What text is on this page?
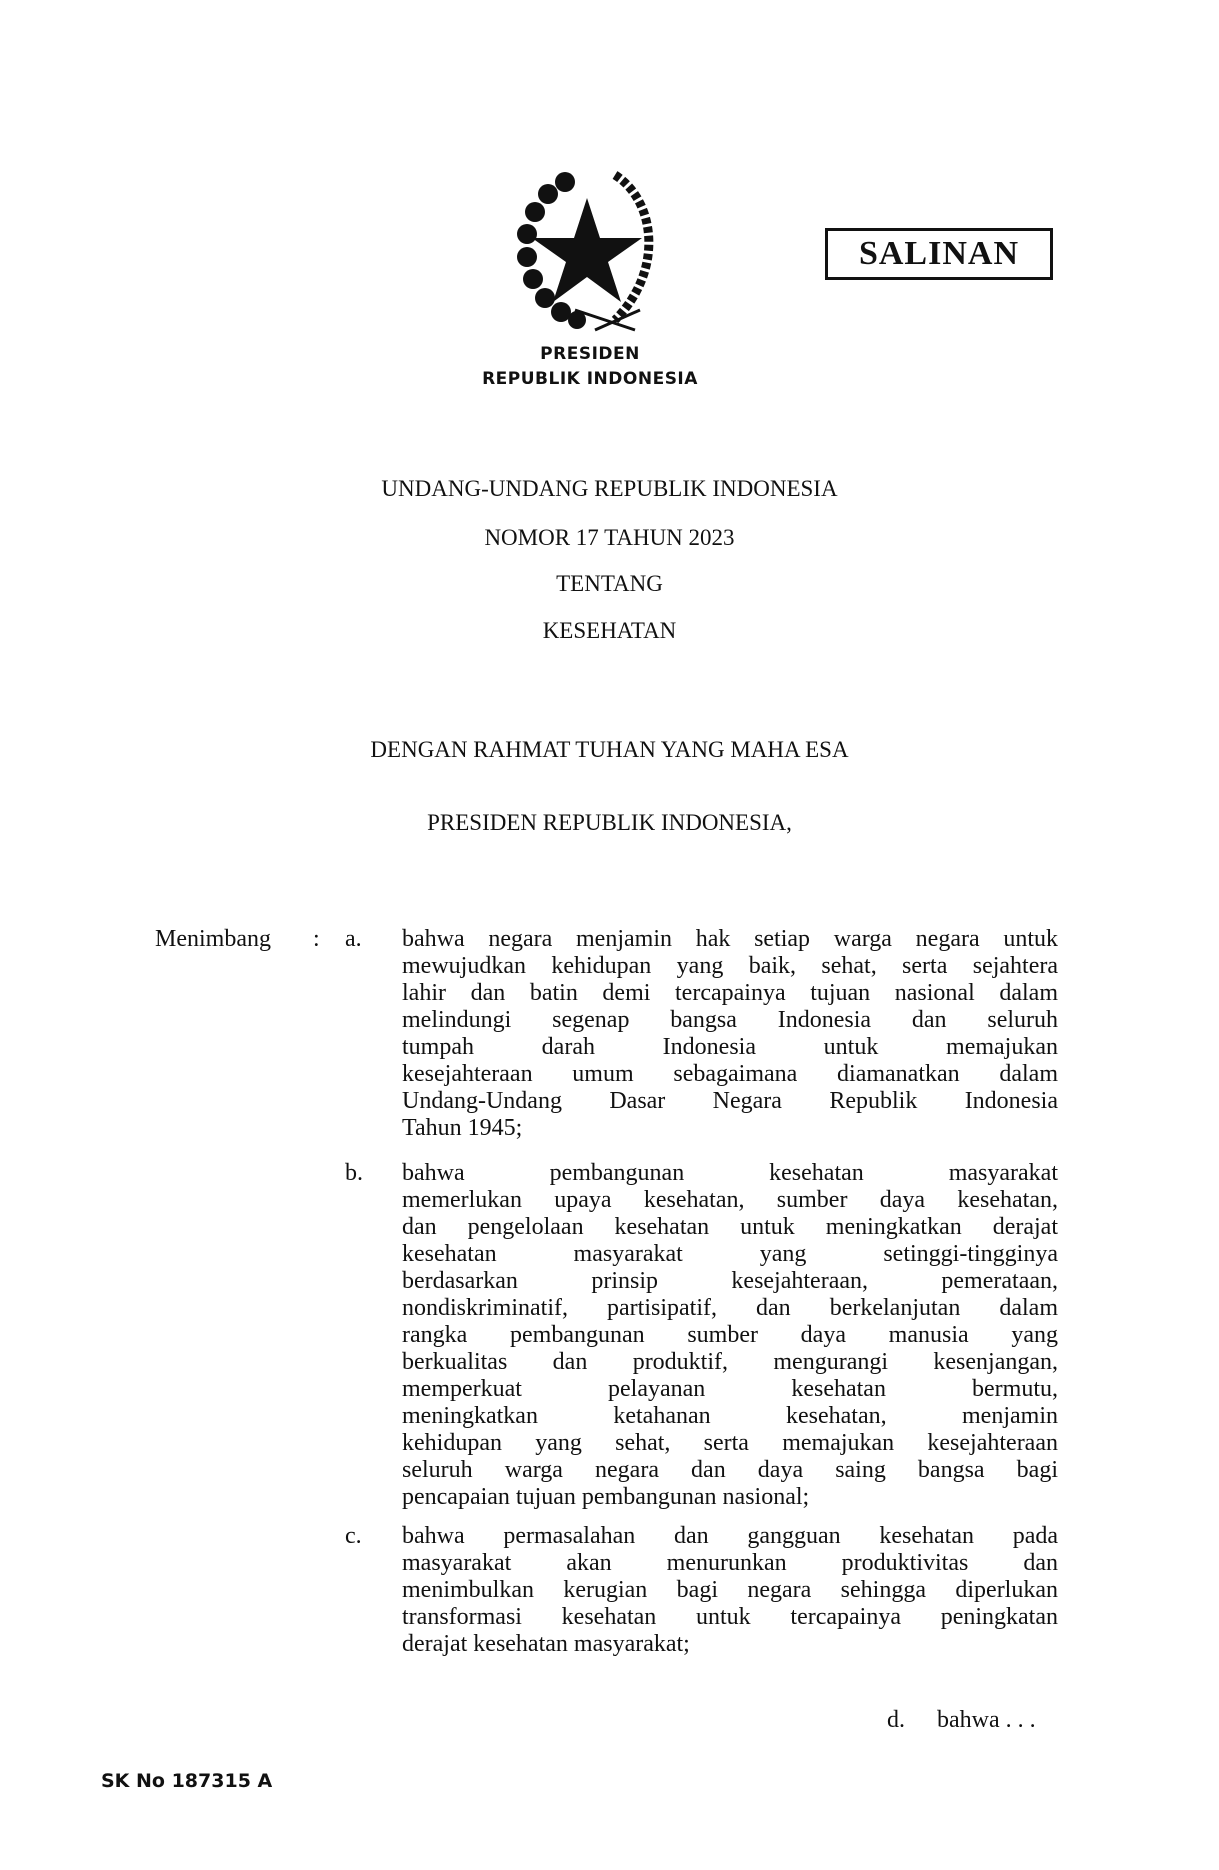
SALINAN
PRESIDEN
REPUBLIK INDONESIA
UNDANG-UNDANG REPUBLIK INDONESIA
NOMOR 17 TAHUN 2023
TENTANG
KESEHATAN
DENGAN RAHMAT TUHAN YANG MAHA ESA
PRESIDEN REPUBLIK INDONESIA,
Menimbang : a. bahwa negara menjamin hak setiap warga negara untuk
mewujudkan kehidupan yang baik, sehat, serta sejahtera
lahir dan batin demi tercapainya tujuan nasional dalam
melindungi segenap bangsa Indonesia dan seluruh
tumpah darah Indonesia untuk memajukan
kesejahteraan umum sebagaimana diamanatkan dalam
Undang-Undang Dasar Negara Republik Indonesia
Tahun 1945;
b. bahwa pembangunan kesehatan masyarakat
memerlukan upaya kesehatan, sumber daya kesehatan,
dan pengelolaan kesehatan untuk meningkatkan derajat
kesehatan masyarakat yang setinggi-tingginya
berdasarkan prinsip kesejahteraan, pemerataan,
nondiskriminatif, partisipatif, dan berkelanjutan dalam
rangka pembangunan sumber daya manusia yang
berkualitas dan produktif, mengurangi kesenjangan,
memperkuat pelayanan kesehatan bermutu,
meningkatkan ketahanan kesehatan, menjamin
kehidupan yang sehat, serta memajukan kesejahteraan
seluruh warga negara dan daya saing bangsa bagi
pencapaian tujuan pembangunan nasional;
c. bahwa permasalahan dan gangguan kesehatan pada
masyarakat akan menurunkan produktivitas dan
menimbulkan kerugian bagi negara sehingga diperlukan
transformasi kesehatan untuk tercapainya peningkatan
derajat kesehatan masyarakat;
d. bahwa . . .
SK No 187315 A
